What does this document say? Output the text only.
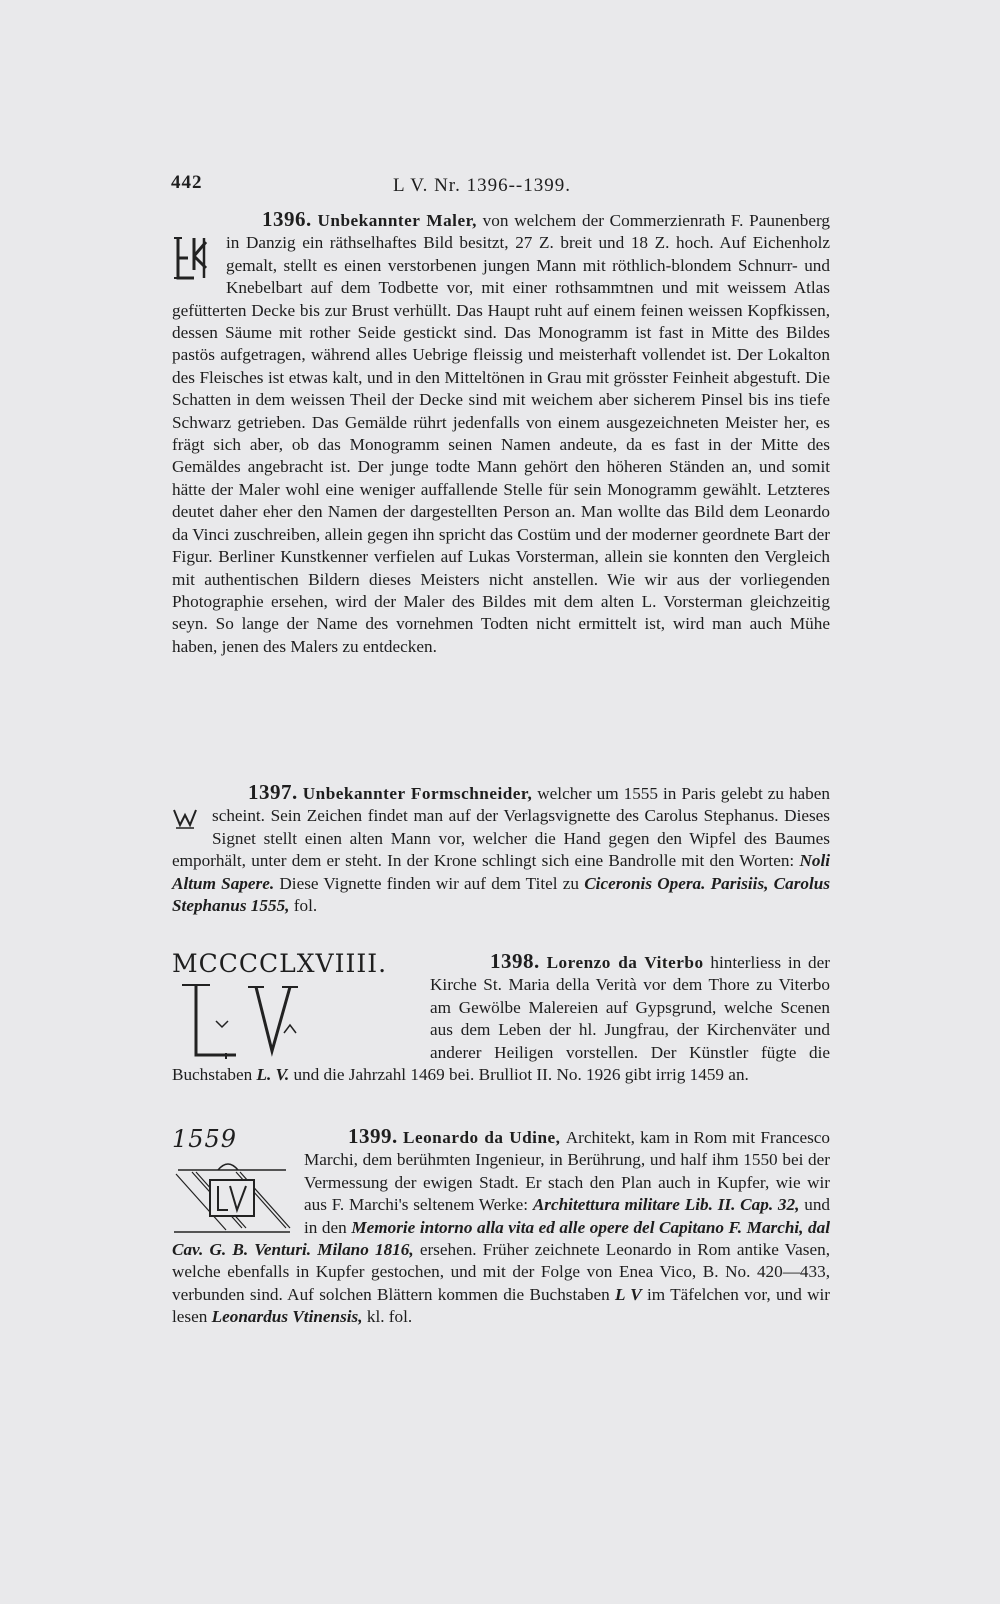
442	L V. Nr. 1396--1399.

1396. Unbekannter Maler, von welchem der Commerzienrath F. Paunenberg in Danzig ein räthselhaftes Bild besitzt, 27 Z. breit und 18 Z. hoch. Auf Eichenholz gemalt, stellt es einen verstorbenen jungen Mann mit röthlich-blondem Schnurr- und Knebelbart auf dem Todbette vor, mit einer rothsammtnen und mit weissem Atlas gefütterten Decke bis zur Brust verhüllt. Das Haupt ruht auf einem feinen weissen Kopfkissen, dessen Säume mit rother Seide gestickt sind. Das Monogramm ist fast in Mitte des Bildes pastös aufgetragen, während alles Uebrige fleissig und meisterhaft vollendet ist. Der Lokalton des Fleisches ist etwas kalt, und in den Mitteltönen in Grau mit grösster Feinheit abgestuft. Die Schatten in dem weissen Theil der Decke sind mit weichem aber sicherem Pinsel bis ins tiefe Schwarz getrieben. Das Gemälde rührt jedenfalls von einem ausgezeichneten Meister her, es frägt sich aber, ob das Monogramm seinen Namen andeute, da es fast in der Mitte des Gemäldes angebracht ist. Der junge todte Mann gehört den höheren Ständen an, und somit hätte der Maler wohl eine weniger auffallende Stelle für sein Monogramm gewählt. Letzteres deutet daher eher den Namen der dargestellten Person an. Man wollte das Bild dem Leonardo da Vinci zuschreiben, allein gegen ihn spricht das Costüm und der moderner geordnete Bart der Figur. Berliner Kunstkenner verfielen auf Lukas Vorsterman, allein sie konnten den Vergleich mit authentischen Bildern dieses Meisters nicht anstellen. Wie wir aus der vorliegenden Photographie ersehen, wird der Maler des Bildes mit dem alten L. Vorsterman gleichzeitig seyn. So lange der Name des vornehmen Todten nicht ermittelt ist, wird man auch Mühe haben, jenen des Malers zu entdecken.

1397. Unbekannter Formschneider, welcher um 1555 in Paris gelebt zu haben scheint. Sein Zeichen findet man auf der Verlagsvignette des Carolus Stephanus. Dieses Signet stellt einen alten Mann vor, welcher die Hand gegen den Wipfel des Baumes emporhält, unter dem er steht. In der Krone schlingt sich eine Bandrolle mit den Worten: Noli Altum Sapere. Diese Vignette finden wir auf dem Titel zu Ciceronis Opera. Parisiis, Carolus Stephanus 1555, fol.

1398. Lorenzo da Viterbo
MCCCCLXVIIII.	hinterliess in der Kirche St. Maria della Verità vor dem Thore zu Viterbo am Gewölbe Malereien auf Gypsgrund, welche Scenen aus dem Leben der hl. Jungfrau, der Kirchenväter und anderer Heiligen vorstellen. Der Künstler fügte die Buchstaben L. V. und die Jahrzahl 1469 bei. Brulliot II. No. 1926 gibt irrig 1459 an.

1399. Leonardo da Udine,
1559	Architekt, kam in Rom mit Francesco Marchi, dem berühmten Ingenieur, in Berührung, und half ihm 1550 bei der Vermessung der ewigen Stadt. Er stach den Plan auch in Kupfer, wie wir aus F. Marchi's seltenem Werke: Architettura militare Lib. II. Cap. 32, und in den Memorie intorno alla vita ed alle opere del Capitano F. Marchi, dal Cav. G. B. Venturi. Milano 1816, ersehen. Früher zeichnete Leonardo in Rom antike Vasen, welche ebenfalls in Kupfer gestochen, und mit der Folge von Enea Vico, B. No. 420—433, verbunden sind. Auf solchen Blättern kommen die Buchstaben L V im Täfelchen vor, und wir lesen Leonardus Vtinensis, kl. fol.
